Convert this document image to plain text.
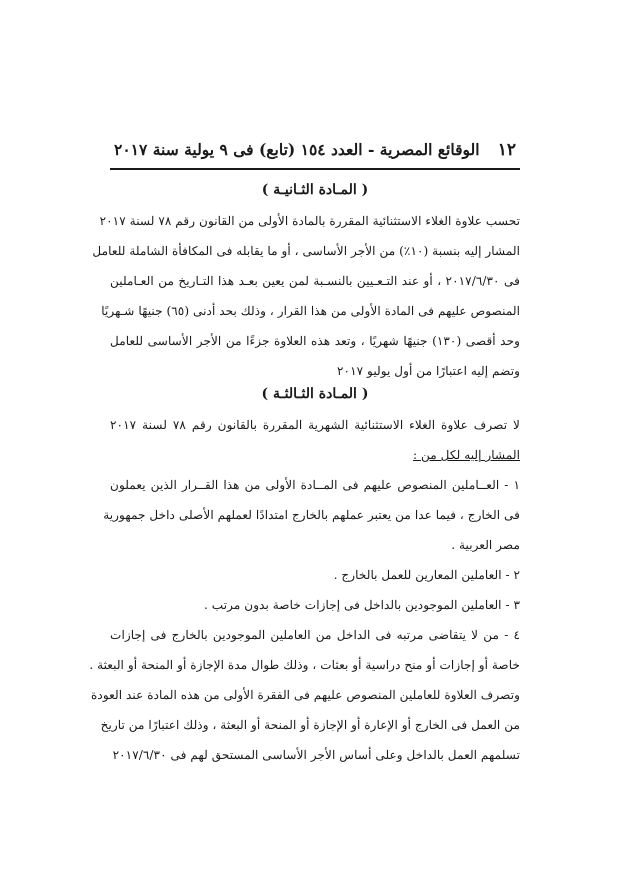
١٢
الوقائع المصرية - العدد ١٥٤ (تابع) فى ٩ يولية سنة ٢٠١٧
( المـادة الثـانيـة )
تحسب علاوة الغلاء الاستثنائية المقررة بالمادة الأولى من القانون رقم ٧٨ لسنة ٢٠١٧
المشار إليه بنسبة (١٠٪) من الأجر الأساسى ، أو ما يقابله فى المكافأة الشاملة للعامل
فى ٢٠١٧/٦/٣٠ ، أو عند التـعـيين بالنسـبة لمن يعين بعـد هذا التـاريخ من العـاملين
المنصوص عليهم فى المادة الأولى من هذا القرار ، وذلك بحد أدنى (٦٥) جنيهًا شـهريًا
وحد أقصى (١٣٠) جنيهًا شهريًا ، وتعد هذه العلاوة جزءًا من الأجر الأساسى للعامل
وتضم إليه اعتبارًا من أول يوليو ٢٠١٧
( المـادة الثـالثـة )
لا تصرف علاوة الغلاء الاستثنائية الشهرية المقررة بالقانون رقم ٧٨ لسنة ٢٠١٧
المشار إليه لكل من :
١ - العــاملين المنصوص عليهم فى المــادة الأولى من هذا القــرار الذين يعملون
فى الخارج ، فيما عدا من يعتبر عملهم بالخارج امتدادًا لعملهم الأصلى داخل جمهورية
مصر العربية .
٢ - العاملين المعارين للعمل بالخارج .
٣ - العاملين الموجودين بالداخل فى إجازات خاصة بدون مرتب .
٤ - من لا يتقاضى مرتبه فى الداخل من العاملين الموجودين بالخارج فى إجازات
خاصة أو إجازات أو منح دراسية أو بعثات ، وذلك طوال مدة الإجازة أو المنحة أو البعثة .
وتصرف العلاوة للعاملين المنصوص عليهم فى الفقرة الأولى من هذه المادة عند العودة
من العمل فى الخارج أو الإعارة أو الإجازة أو المنحة أو البعثة ، وذلك اعتبارًا من تاريخ
تسلمهم العمل بالداخل وعلى أساس الأجر الأساسى المستحق لهم فى ٢٠١٧/٦/٣٠
